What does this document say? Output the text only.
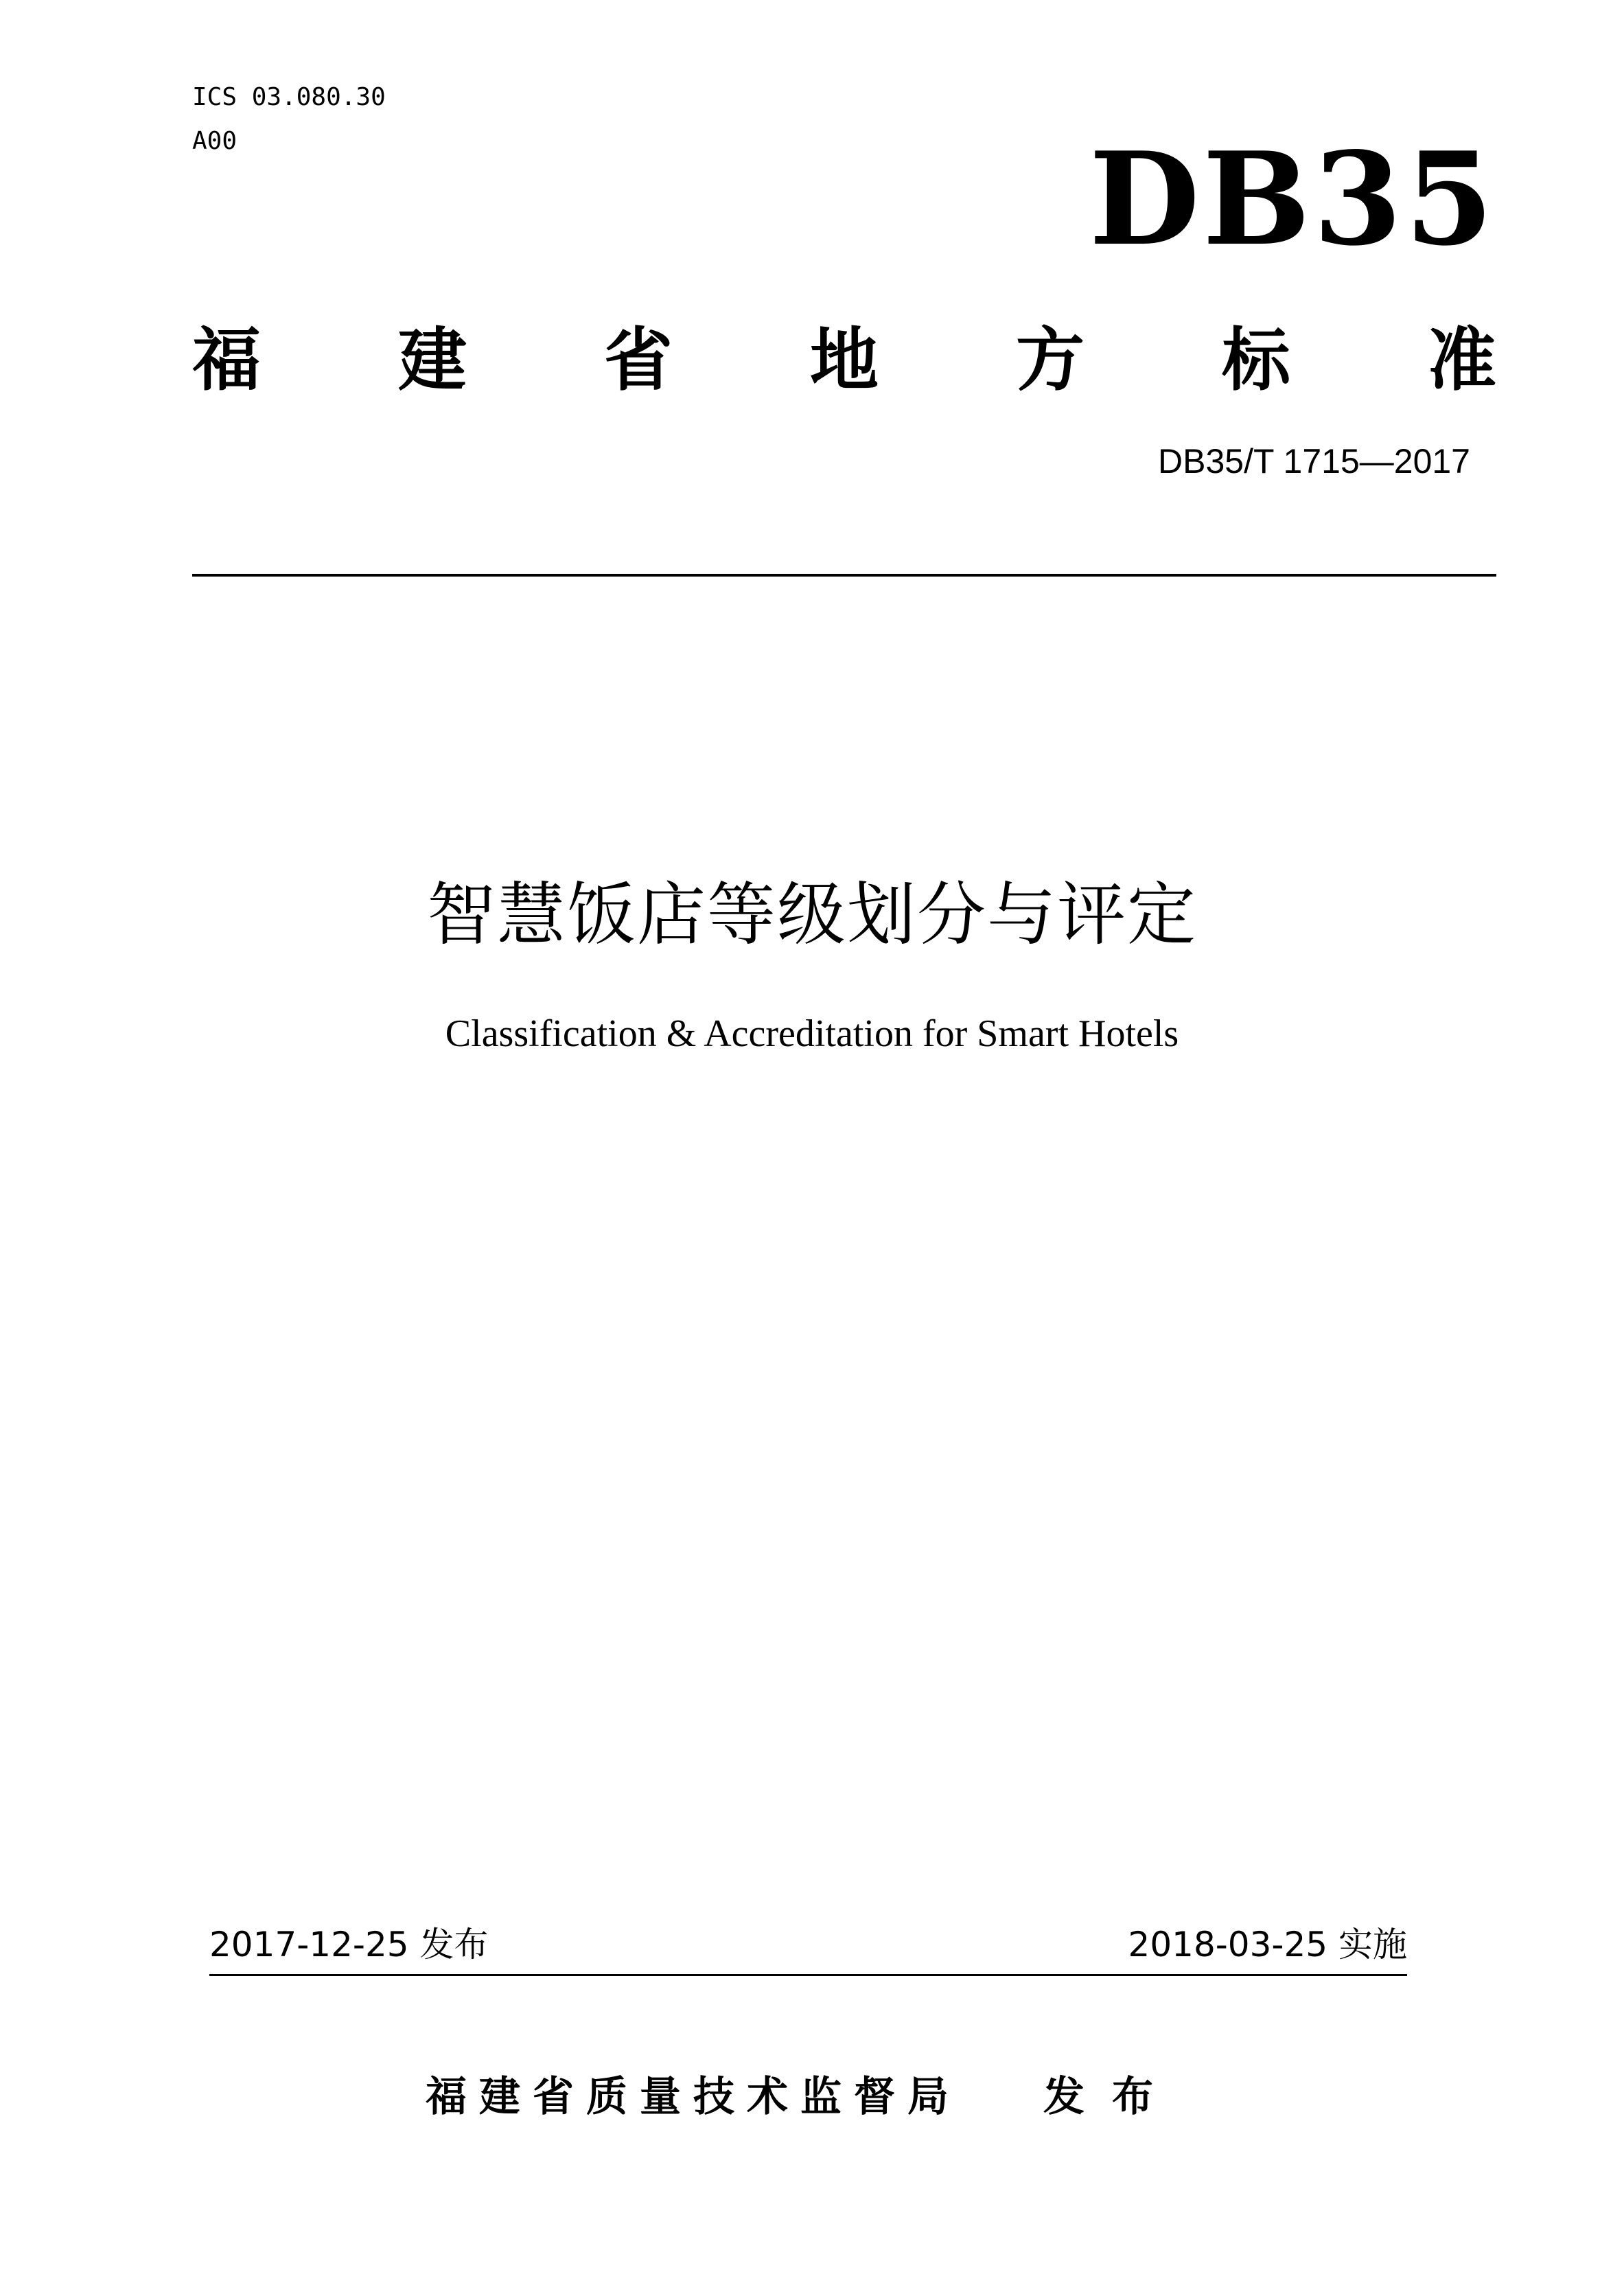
ICS 03.080.30
A00	DB35
福 建 省 地 方 标 准
DB35/T 1715—2017
智慧饭店等级划分与评定
Classification & Accreditation for Smart Hotels
2017-12-25 发布	2018-03-25 实施
福建省质量技术监督局 发布
